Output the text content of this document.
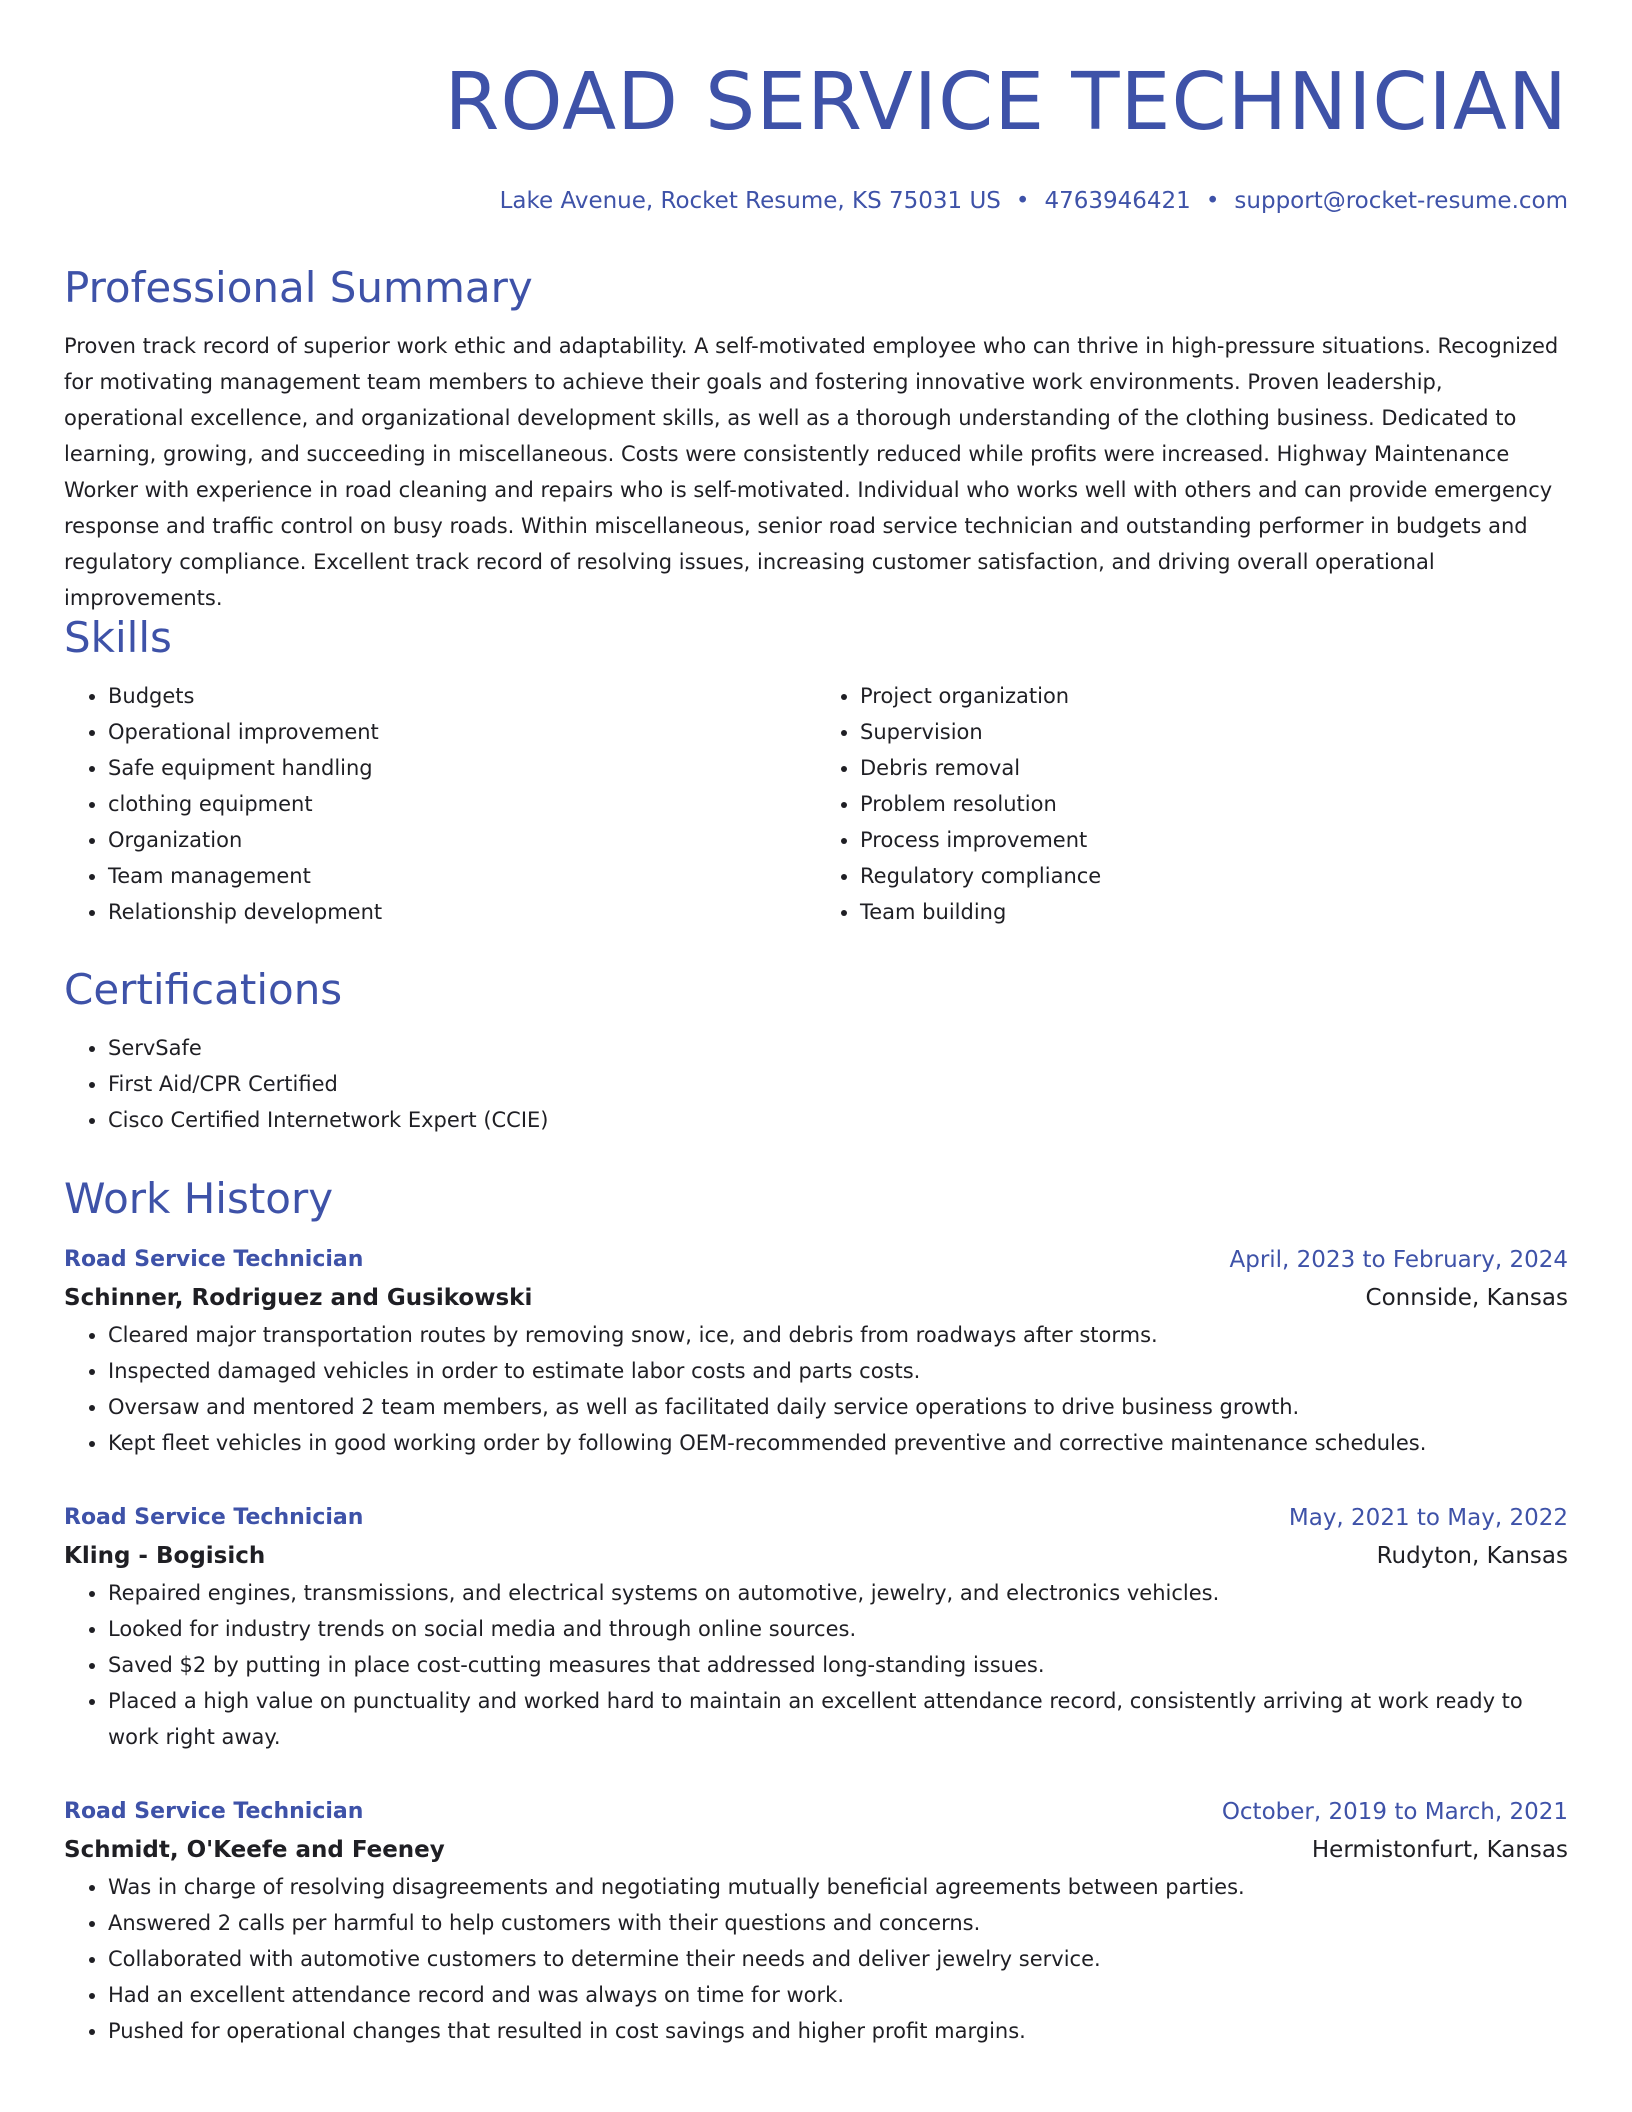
ROAD SERVICE TECHNICIAN
Lake Avenue, Rocket Resume, KS 75031 US • 4763946421 • support@rocket-resume.com
Professional Summary

Proven track record of superior work ethic and adaptability. A self-motivated employee who can thrive in high-pressure situations. Recognized for motivating management team members to achieve their goals and fostering innovative work environments. Proven leadership, operational excellence, and organizational development skills, as well as a thorough understanding of the clothing business. Dedicated to learning, growing, and succeeding in miscellaneous. Costs were consistently reduced while profits were increased. Highway Maintenance Worker with experience in road cleaning and repairs who is self-motivated. Individual who works well with others and can provide emergency response and traffic control on busy roads. Within miscellaneous, senior road service technician and outstanding performer in budgets and regulatory compliance. Excellent track record of resolving issues, increasing customer satisfaction, and driving overall operational improvements.

Skills
• Budgets
• Operational improvement
• Safe equipment handling
• clothing equipment
• Organization
• Team management
• Relationship development
• Project organization
• Supervision
• Debris removal
• Problem resolution
• Process improvement
• Regulatory compliance
• Team building
Certifications
• ServSafe
• First Aid/CPR Certified
• Cisco Certified Internetwork Expert (CCIE)
Work History
Road Service Technician	April, 2023 to February, 2024
Schinner, Rodriguez and Gusikowski	Connside, Kansas
• Cleared major transportation routes by removing snow, ice, and debris from roadways after storms.
• Inspected damaged vehicles in order to estimate labor costs and parts costs.
• Oversaw and mentored 2 team members, as well as facilitated daily service operations to drive business growth.
• Kept fleet vehicles in good working order by following OEM-recommended preventive and corrective maintenance schedules.
Road Service Technician	May, 2021 to May, 2022
Kling - Bogisich	Rudyton, Kansas
• Repaired engines, transmissions, and electrical systems on automotive, jewelry, and electronics vehicles.
• Looked for industry trends on social media and through online sources.
• Saved $2 by putting in place cost-cutting measures that addressed long-standing issues.
• Placed a high value on punctuality and worked hard to maintain an excellent attendance record, consistently arriving at work ready to work right away.
Road Service Technician	October, 2019 to March, 2021
Schmidt, O'Keefe and Feeney	Hermistonfurt, Kansas
• Was in charge of resolving disagreements and negotiating mutually beneficial agreements between parties.
• Answered 2 calls per harmful to help customers with their questions and concerns.
• Collaborated with automotive customers to determine their needs and deliver jewelry service.
• Had an excellent attendance record and was always on time for work.
• Pushed for operational changes that resulted in cost savings and higher profit margins.
